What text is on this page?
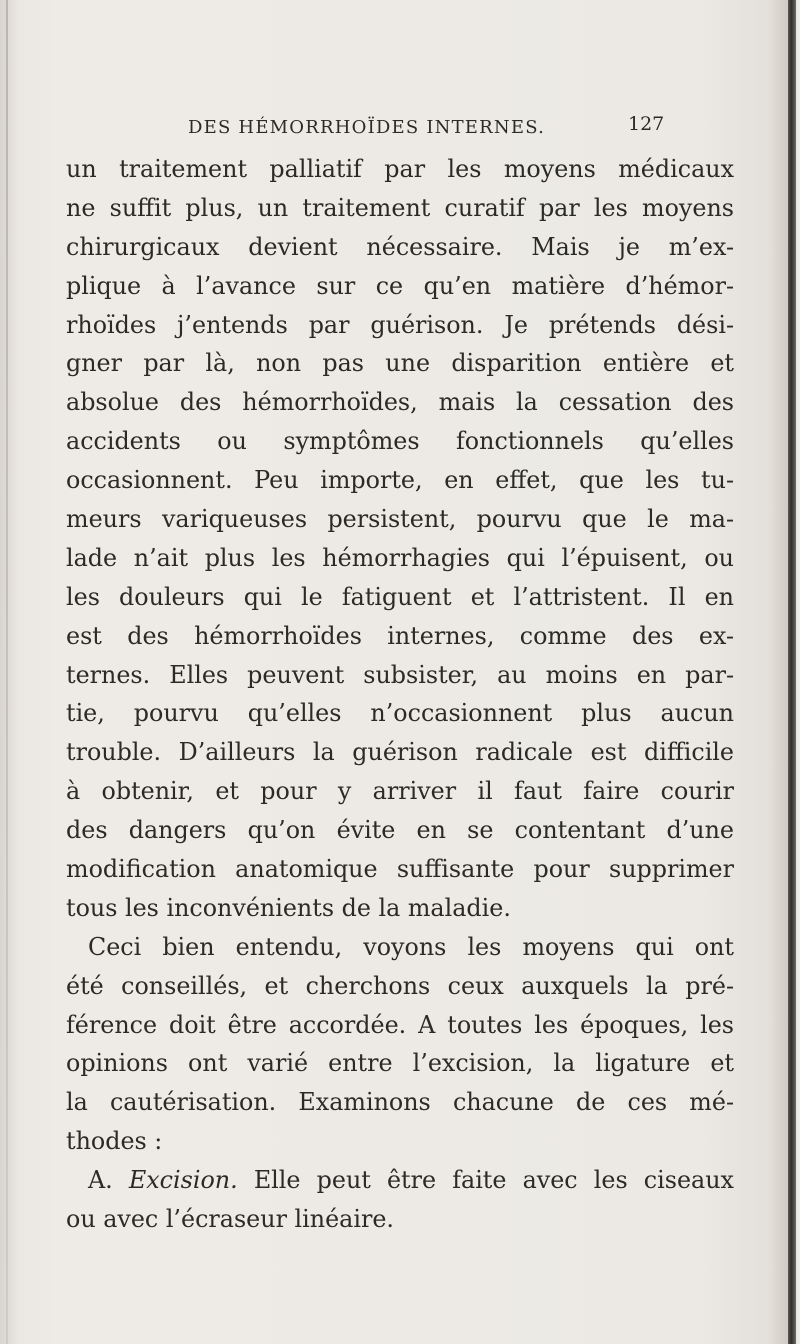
DES HÉMORRHOÏDES INTERNES.	127
un traitement palliatif par les moyens médicaux
ne suffit plus, un traitement curatif par les moyens
chirurgicaux devient nécessaire. Mais je m’ex-
plique à l’avance sur ce qu’en matière d’hémor-
rhoïdes j’entends par guérison. Je prétends dési-
gner par là, non pas une disparition entière et
absolue des hémorrhoïdes, mais la cessation des
accidents ou symptômes fonctionnels qu’elles
occasionnent. Peu importe, en effet, que les tu-
meurs variqueuses persistent, pourvu que le ma-
lade n’ait plus les hémorrhagies qui l’épuisent, ou
les douleurs qui le fatiguent et l’attristent. Il en
est des hémorrhoïdes internes, comme des ex-
ternes. Elles peuvent subsister, au moins en par-
tie, pourvu qu’elles n’occasionnent plus aucun
trouble. D’ailleurs la guérison radicale est difficile
à obtenir, et pour y arriver il faut faire courir
des dangers qu’on évite en se contentant d’une
modification anatomique suffisante pour supprimer
tous les inconvénients de la maladie.
Ceci bien entendu, voyons les moyens qui ont
été conseillés, et cherchons ceux auxquels la pré-
férence doit être accordée. A toutes les époques, les
opinions ont varié entre l’excision, la ligature et
la cautérisation. Examinons chacune de ces mé-
thodes :
A. Excision. Elle peut être faite avec les ciseaux
ou avec l’écraseur linéaire.
